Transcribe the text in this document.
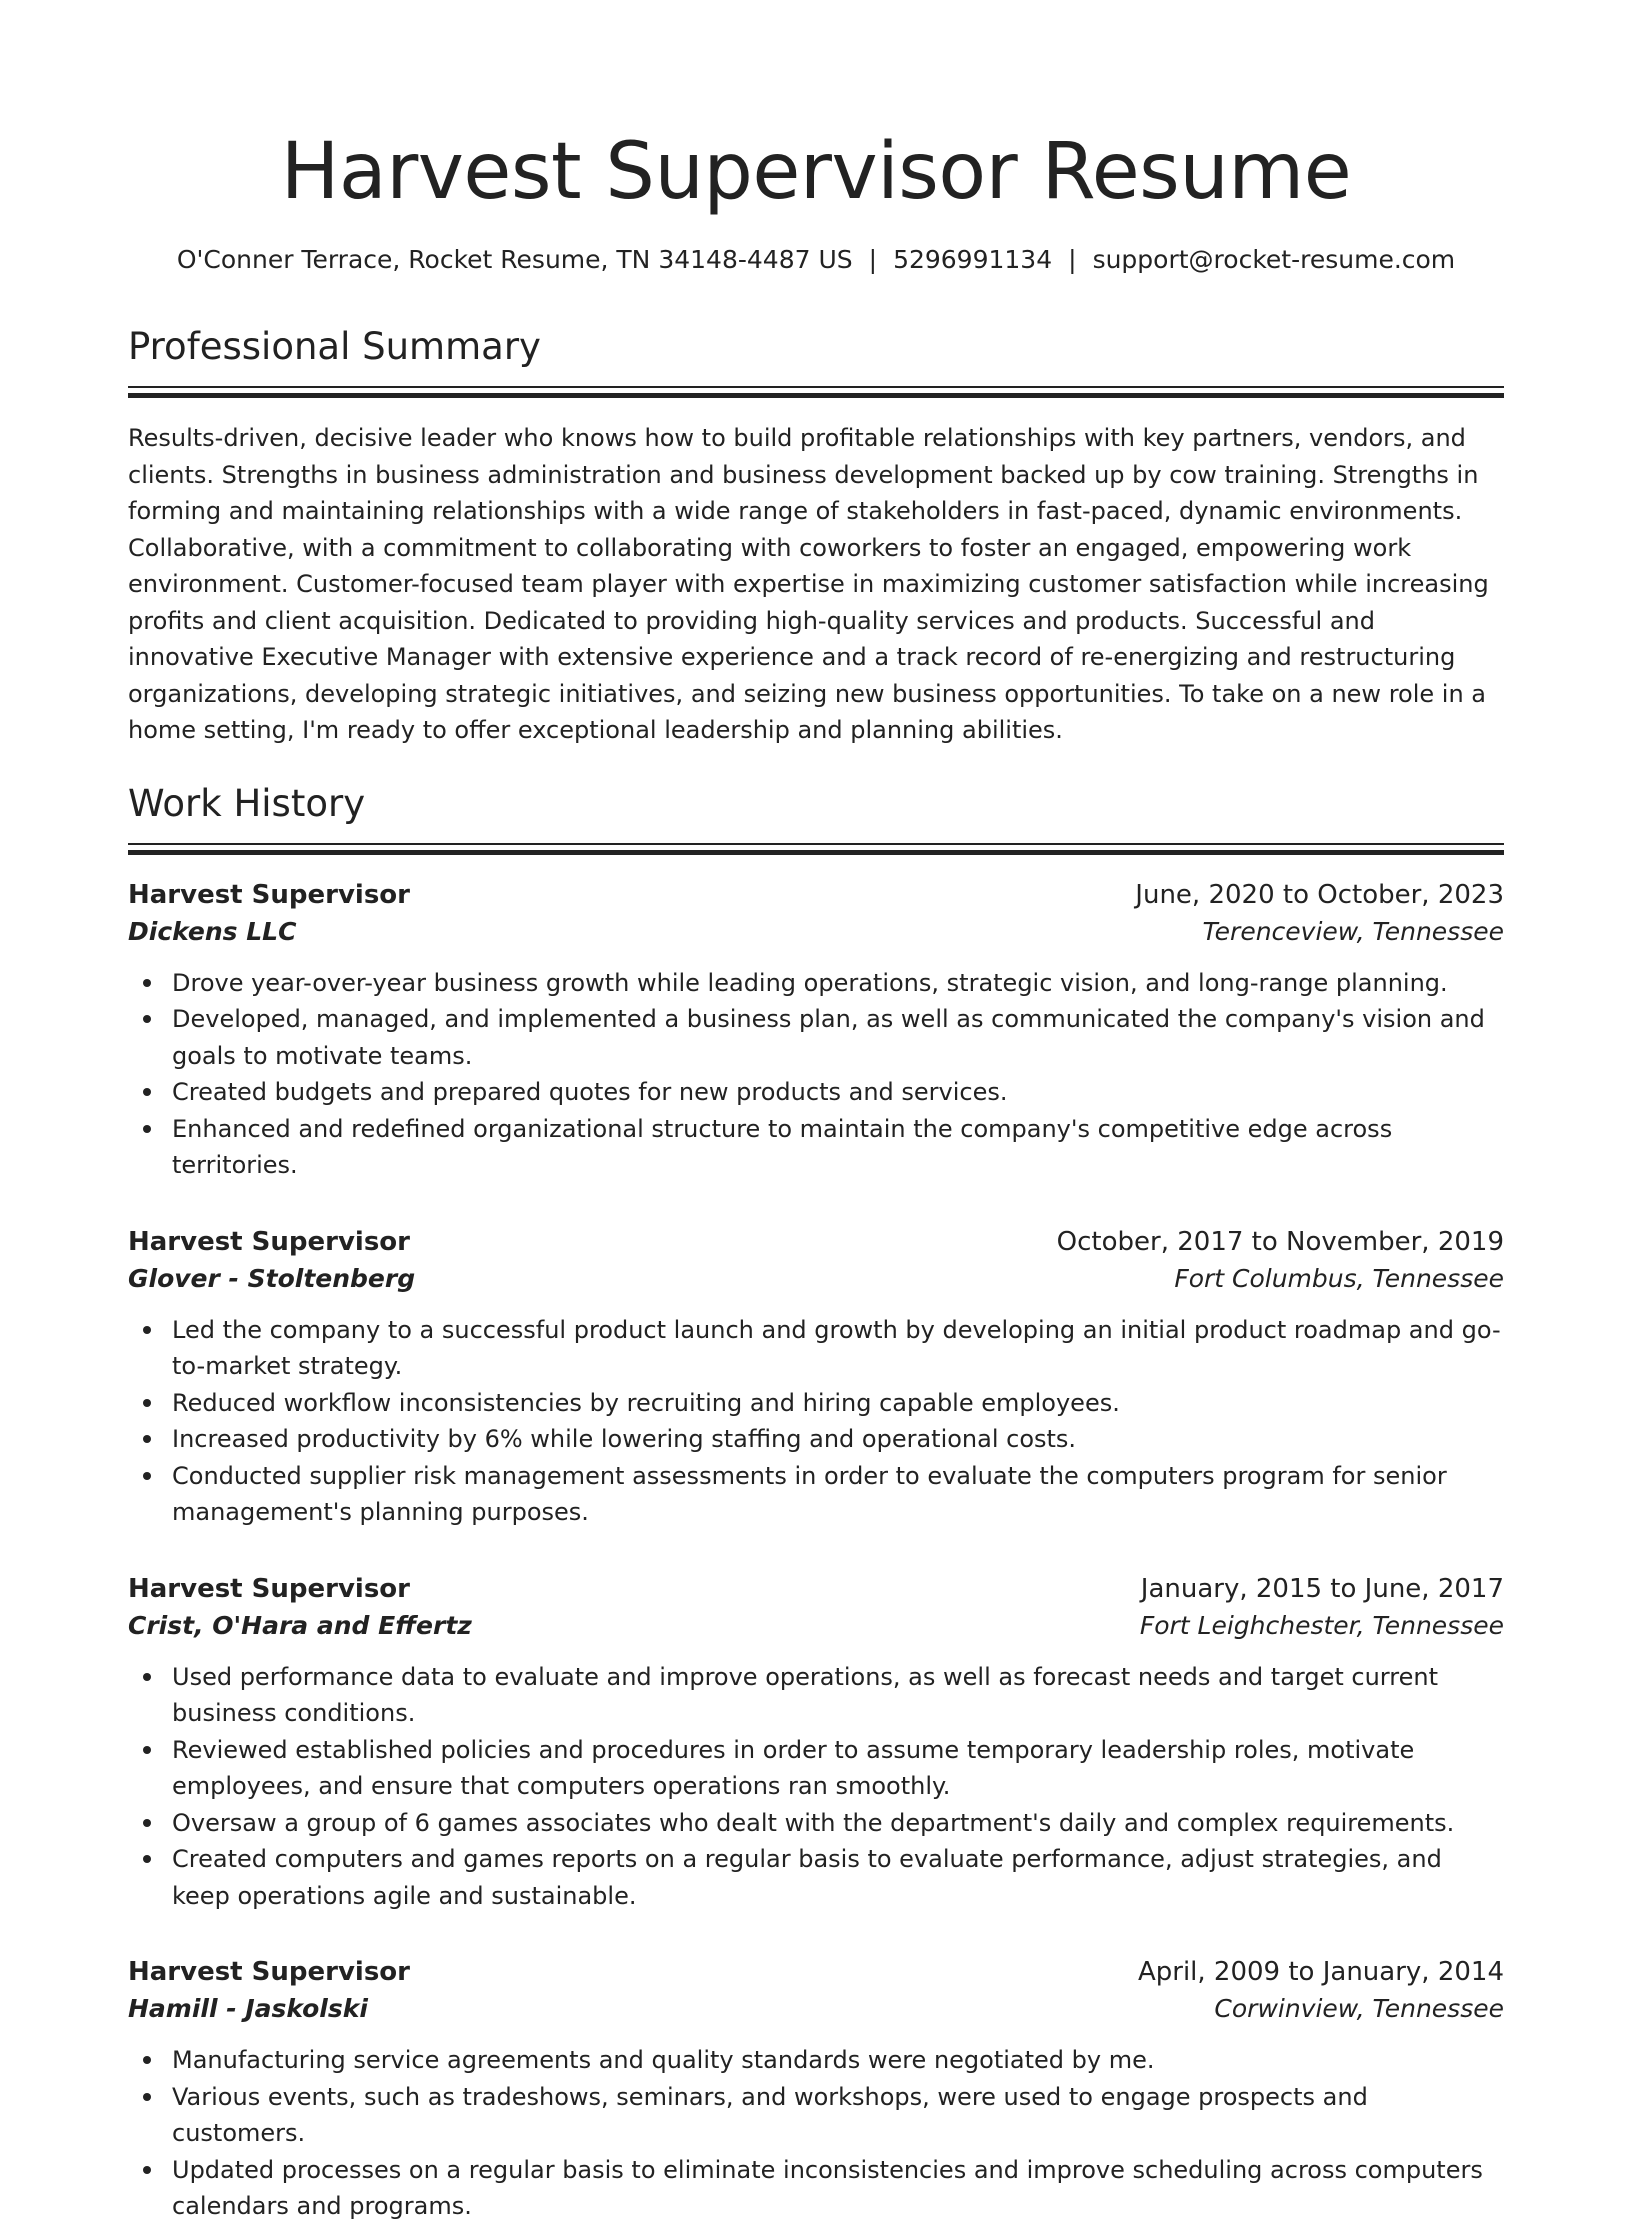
Harvest Supervisor Resume
O'Conner Terrace, Rocket Resume, TN 34148-4487 US | 5296991134 | support@rocket-resume.com
Professional Summary

Results-driven, decisive leader who knows how to build profitable relationships with key partners, vendors, and clients. Strengths in business administration and business development backed up by cow training. Strengths in forming and maintaining relationships with a wide range of stakeholders in fast-paced, dynamic environments. Collaborative, with a commitment to collaborating with coworkers to foster an engaged, empowering work environment. Customer-focused team player with expertise in maximizing customer satisfaction while increasing profits and client acquisition. Dedicated to providing high-quality services and products. Successful and innovative Executive Manager with extensive experience and a track record of re-energizing and restructuring organizations, developing strategic initiatives, and seizing new business opportunities. To take on a new role in a home setting, I'm ready to offer exceptional leadership and planning abilities.

Work History
Harvest Supervisor	June, 2020 to October, 2023
Dickens LLC	Terenceview, Tennessee
Drove year-over-year business growth while leading operations, strategic vision, and long-range planning.
Developed, managed, and implemented a business plan, as well as communicated the company's vision and goals to motivate teams.
Created budgets and prepared quotes for new products and services.
Enhanced and redefined organizational structure to maintain the company's competitive edge across territories.
Harvest Supervisor	October, 2017 to November, 2019
Glover - Stoltenberg	Fort Columbus, Tennessee
Led the company to a successful product launch and growth by developing an initial product roadmap and go-to-market strategy.
Reduced workflow inconsistencies by recruiting and hiring capable employees.
Increased productivity by 6% while lowering staffing and operational costs.
Conducted supplier risk management assessments in order to evaluate the computers program for senior management's planning purposes.
Harvest Supervisor	January, 2015 to June, 2017
Crist, O'Hara and Effertz	Fort Leighchester, Tennessee
Used performance data to evaluate and improve operations, as well as forecast needs and target current business conditions.
Reviewed established policies and procedures in order to assume temporary leadership roles, motivate employees, and ensure that computers operations ran smoothly.
Oversaw a group of 6 games associates who dealt with the department's daily and complex requirements.
Created computers and games reports on a regular basis to evaluate performance, adjust strategies, and keep operations agile and sustainable.
Harvest Supervisor	April, 2009 to January, 2014
Hamill - Jaskolski	Corwinview, Tennessee
Manufacturing service agreements and quality standards were negotiated by me.
Various events, such as tradeshows, seminars, and workshops, were used to engage prospects and customers.
Updated processes on a regular basis to eliminate inconsistencies and improve scheduling across computers calendars and programs.
